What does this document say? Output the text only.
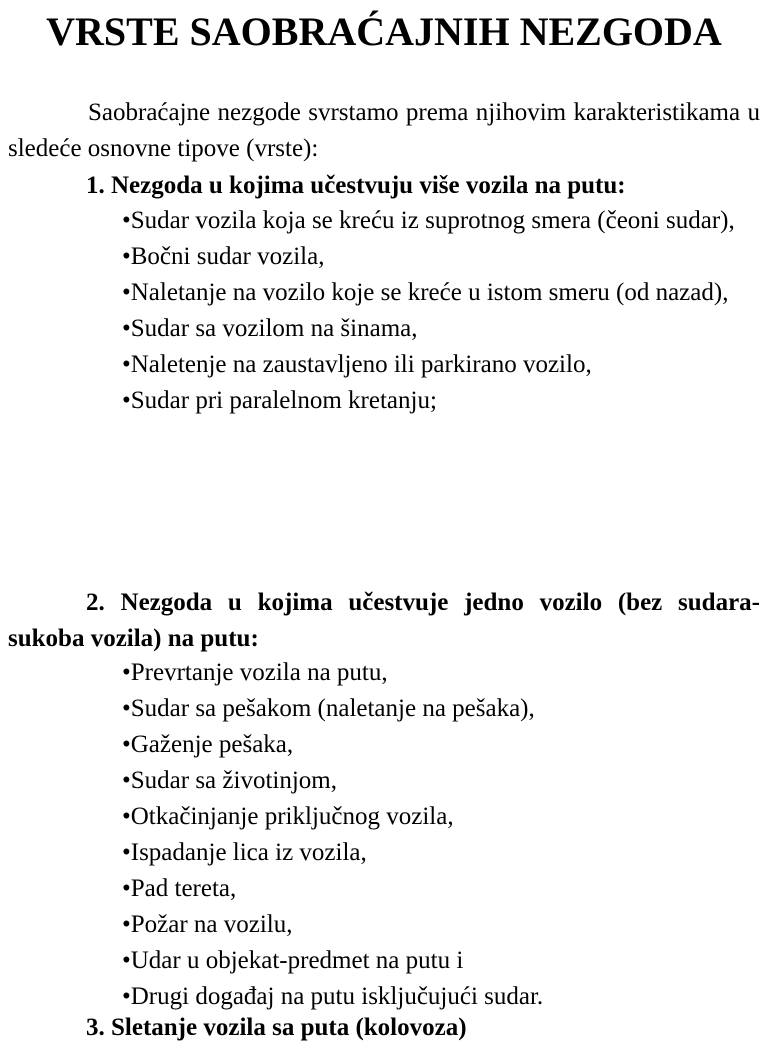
VRSTE SAOBRAĆAJNIH NEZGODA

Saobraćajne nezgode svrstamo prema njihovim karakteristikama u sledeće osnovne tipove (vrste):

1. Nezgoda u kojima učestvuju više vozila na putu:
•Sudar vozila koja se kreću iz suprotnog smera (čeoni sudar),
•Bočni sudar vozila,
•Naletanje na vozilo koje se kreće u istom smeru (od nazad),
•Sudar sa vozilom na šinama,
•Naletenje na zaustavljeno ili parkirano vozilo,
•Sudar pri paralelnom kretanju;

2. Nezgoda u kojima učestvuje jedno vozilo (bez sudara-sukoba vozila) na putu:

•Prevrtanje vozila na putu,
•Sudar sa pešakom (naletanje na pešaka),
•Gaženje pešaka,
•Sudar sa životinjom,
•Otkačinjanje priključnog vozila,
•Ispadanje lica iz vozila,
•Pad tereta,
•Požar na vozilu,
•Udar u objekat-predmet na putu i
•Drugi događaj na putu isključujući sudar.
3. Sletanje vozila sa puta (kolovoza)
